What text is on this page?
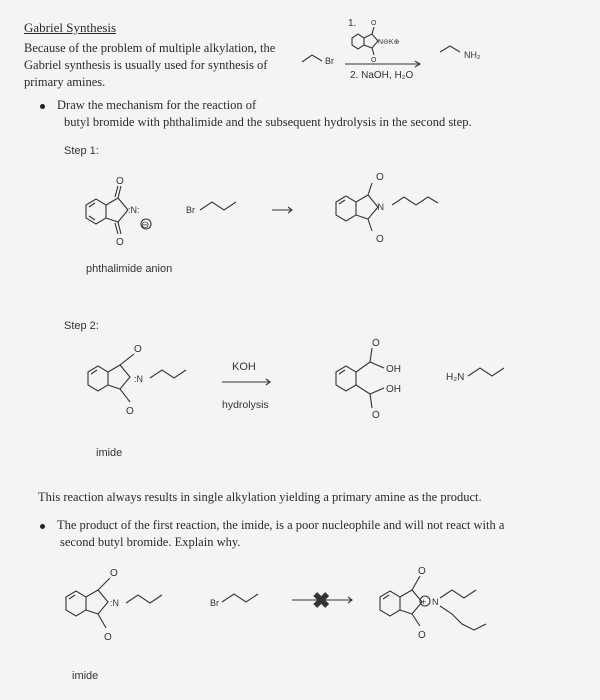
Gabriel Synthesis
Because of the problem of multiple alkylation, the Gabriel synthesis is usually used for synthesis of primary amines.
Draw the mechanism for the reaction of
butyl bromide with phthalimide and the subsequent hydrolysis in the second step.
Step 1:
phthalimide anion
Step 2:
imide
This reaction always results in single alkylation yielding a primary amine as the product.
The product of the first reaction, the imide, is a poor nucleophile and will not react with a
second butyl bromide. Explain why.
imide
Br
1. O
O
N⊖K⊕
2. NaOH, H₂O
NH₂
O
O
:N:
⊖
Br
O
O
:N
O
O
:N
KOH
hydrolysis
O
O
OH
OH
H₂N
O
O
:N	Br	✖
O
O
+ N
